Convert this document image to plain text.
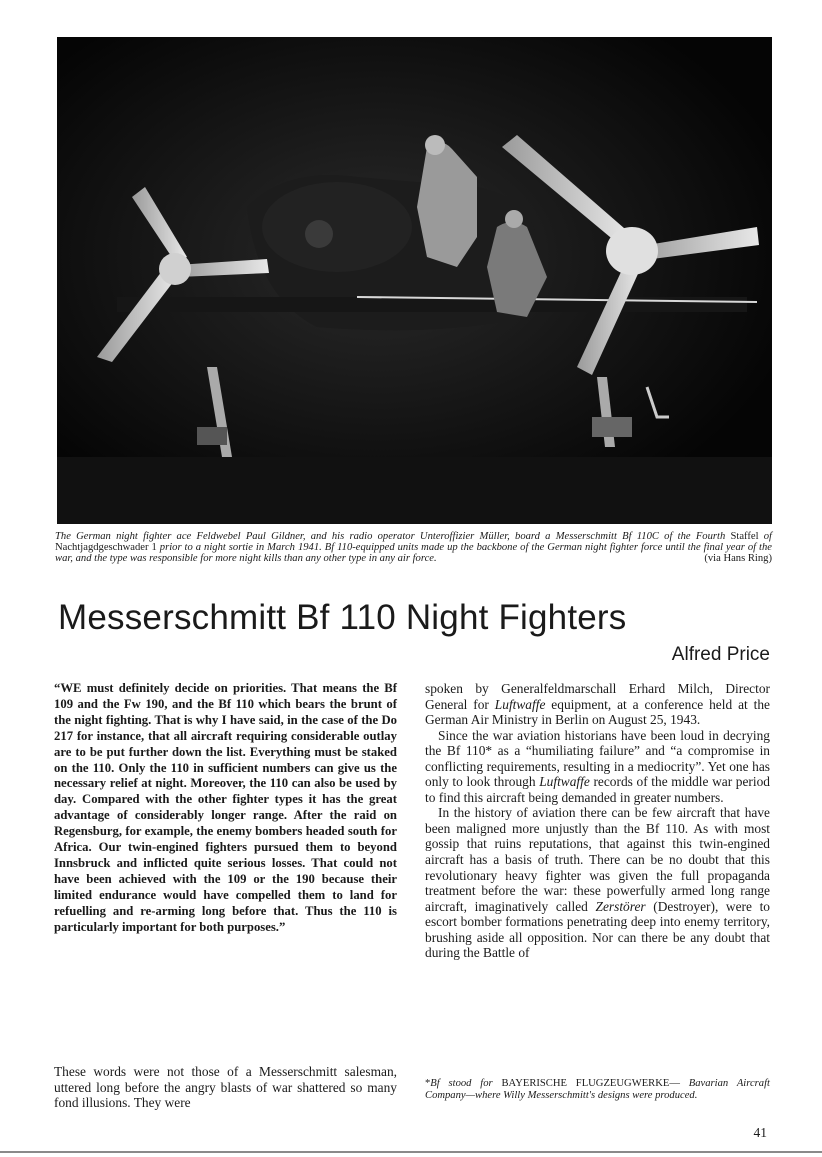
The German night fighter ace Feldwebel Paul Gildner, and his radio operator Unteroffizier Müller, board a Messerschmitt Bf 110C of the Fourth Staffel of Nachtjagdgeschwader 1 prior to a night sortie in March 1941. Bf 110-equipped units made up the backbone of the German night fighter force until the final year of the war, and the type was responsible for more night kills than any other type in any air force.	(via Hans Ring)
Messerschmitt Bf 110 Night Fighters
Alfred Price

“WE must definitely decide on priorities. That means the Bf 109 and the Fw 190, and the Bf 110 which bears the brunt of the night fighting. That is why I have said, in the case of the Do 217 for instance, that all aircraft requiring considerable outlay are to be put further down the list. Everything must be staked on the 110. Only the 110 in sufficient numbers can give us the necessary relief at night. Moreover, the 110 can also be used by day. Compared with the other fighter types it has the great advantage of considerably longer range. After the raid on Regensburg, for example, the enemy bombers headed south for Africa. Our twin-engined fighters pursued them to beyond Innsbruck and inflicted quite serious losses. That could not have been achieved with the 109 or the 190 because their limited endurance would have compelled them to land for refuelling and re-arming long before that. Thus the 110 is particularly important for both purposes.”

These words were not those of a Messerschmitt salesman, uttered long before the angry blasts of war shattered so many fond illusions. They were

spoken by Generalfeldmarschall Erhard Milch, Director General for Luftwaffe equipment, at a conference held at the German Air Ministry in Berlin on August 25, 1943.

Since the war aviation historians have been loud in decrying the Bf 110* as a “humiliating failure” and “a compromise in conflicting requirements, resulting in a mediocrity”. Yet one has only to look through Luftwaffe records of the middle war period to find this aircraft being demanded in greater numbers.

In the history of aviation there can be few aircraft that have been maligned more unjustly than the Bf 110. As with most gossip that ruins reputations, that against this twin-engined aircraft has a basis of truth. There can be no doubt that this revolutionary heavy fighter was given the full propaganda treatment before the war: these powerfully armed long range aircraft, imaginatively called Zerstörer (Destroyer), were to escort bomber formations penetrating deep into enemy territory, brushing aside all opposition. Nor can there be any doubt that during the Battle of

*Bf stood for BAYERISCHE FLUGZEUGWERKE— Bavarian Aircraft Company—where Willy Messerschmitt's designs were produced.
41
